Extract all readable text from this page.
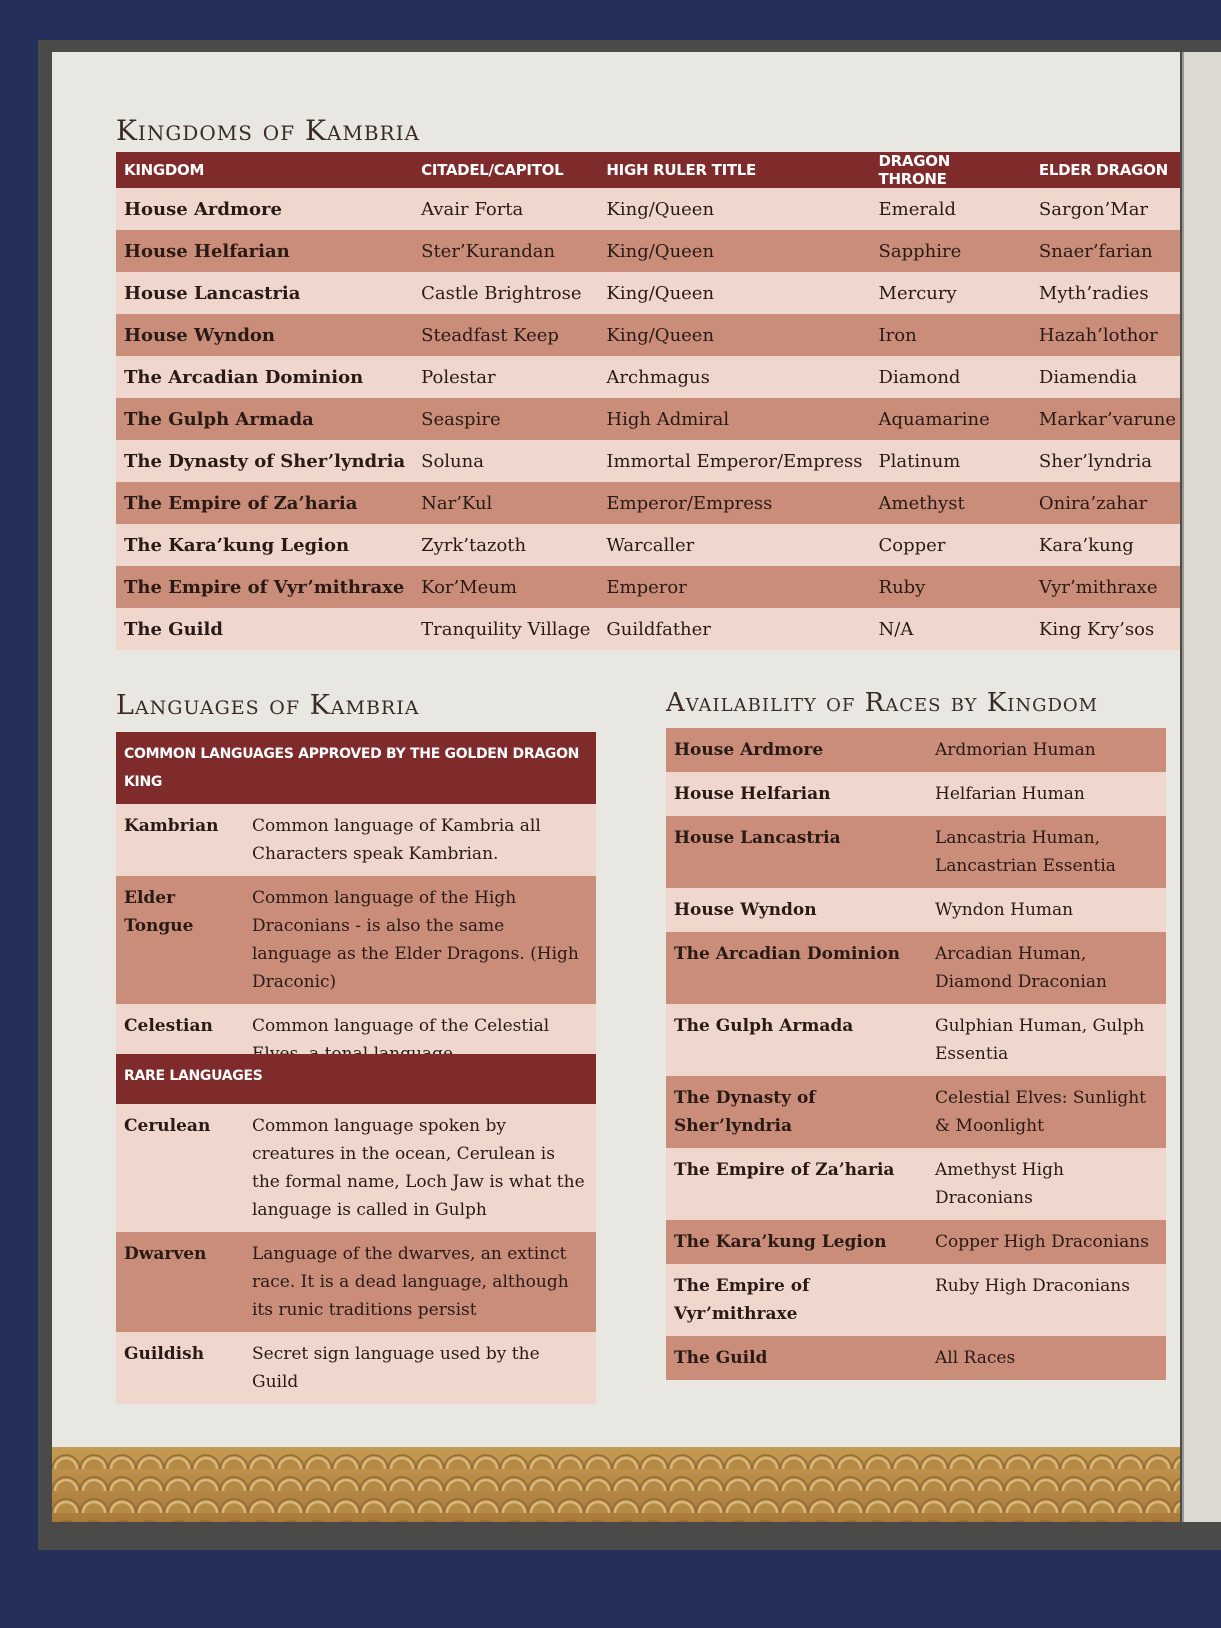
Kingdoms of Kambria
KINGDOM	CITADEL/CAPITOL	HIGH RULER TITLE	DRAGON THRONE	ELDER DRAGON
House Ardmore	Avair Forta	King/Queen	Emerald	Sargon’Mar
House Helfarian	Ster’Kurandan	King/Queen	Sapphire	Snaer’farian
House Lancastria	Castle Brightrose	King/Queen	Mercury	Myth’radies
House Wyndon	Steadfast Keep	King/Queen	Iron	Hazah’lothor
The Arcadian Dominion	Polestar	Archmagus	Diamond	Diamendia
The Gulph Armada	Seaspire	High Admiral	Aquamarine	Markar’varune
The Dynasty of Sher’lyndria	Soluna	Immortal Emperor/Empress	Platinum	Sher’lyndria
The Empire of Za’haria	Nar’Kul	Emperor/Empress	Amethyst	Onira’zahar
The Kara’kung Legion	Zyrk’tazoth	Warcaller	Copper	Kara’kung
The Empire of Vyr’mithraxe	Kor’Meum	Emperor	Ruby	Vyr’mithraxe
The Guild	Tranquility Village	Guildfather	N/A	King Kry’sos
Languages of Kambria
COMMON LANGUAGES APPROVED BY THE GOLDEN DRAGON KING	
Kambrian	Common language of Kambria all Characters speak Kambrian.
Elder Tongue	Common language of the High Draconians - is also the same language as the Elder Dragons. (High Draconic)
Celestian	Common language of the Celestial
RARE LANGUAGES	
Cerulean	Common language spoken by creatures in the ocean, Cerulean is the formal name, Loch Jaw is what the language is called in Gulph
Dwarven	Language of the dwarves, an extinct race. It is a dead language, although its runic traditions persist
Guildish	Secret sign language used by the Guild
Availability of Races by Kingdom
House Ardmore	Ardmorian Human
House Helfarian	Helfarian Human
House Lancastria	Lancastria Human, Lancastrian Essentia
House Wyndon	Wyndon Human
The Arcadian Dominion	Arcadian Human, Diamond Draconian
The Gulph Armada	Gulphian Human, Gulph Essentia
The Dynasty of Sher’lyndria	Celestial Elves: Sunlight & Moonlight
The Empire of Za’haria	Amethyst High Draconians
The Kara’kung Legion	Copper High Draconians
The Empire of Vyr’mithraxe	Ruby High Draconians
The Guild	All Races
